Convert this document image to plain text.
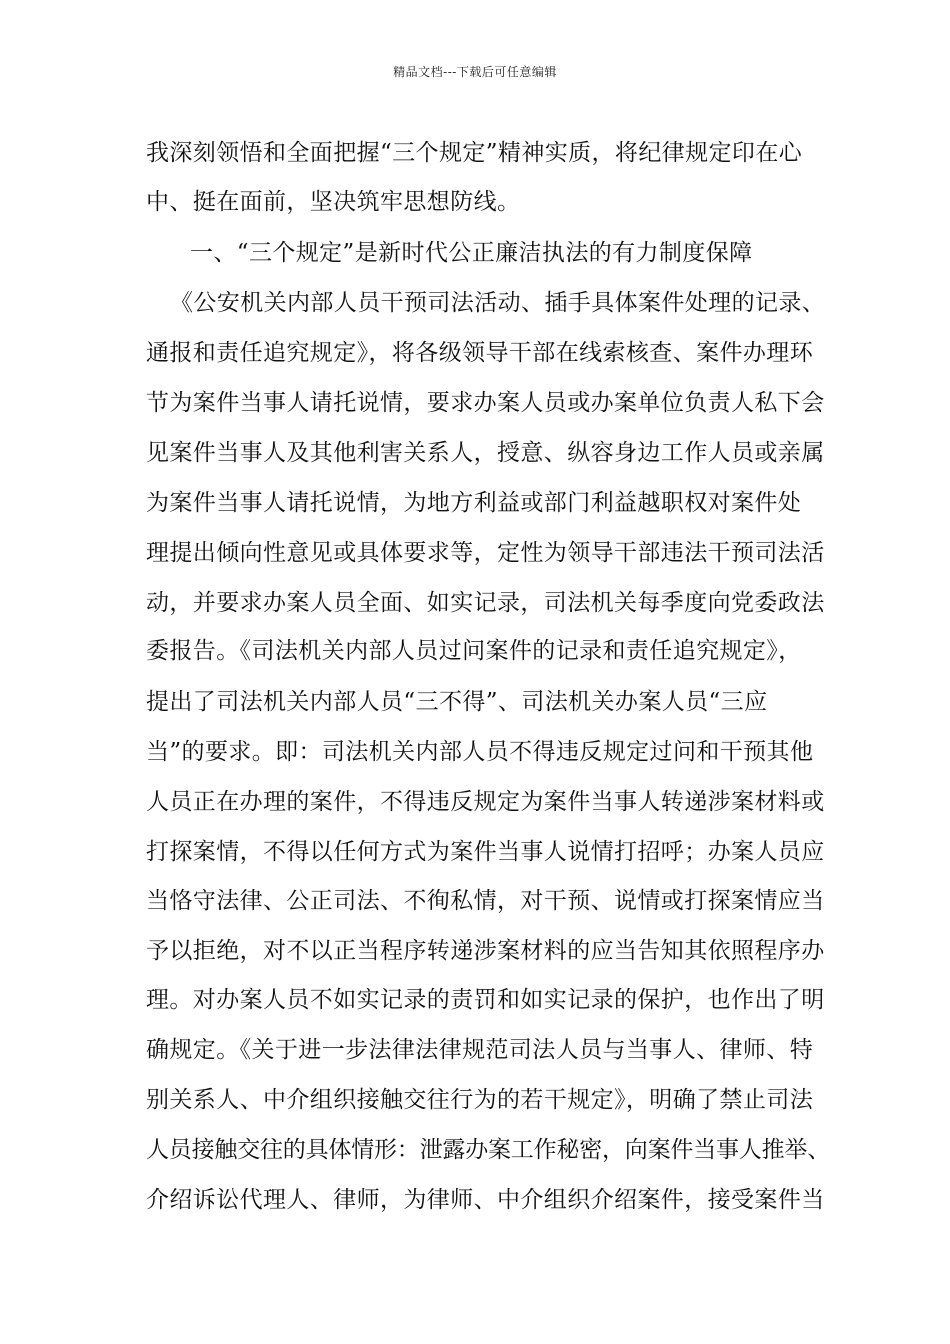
精品文档---下载后可任意编辑
我深刻领悟和全面把握“三个规定”精神实质，将纪律规定印在心
中、挺在面前，坚决筑牢思想防线。
一、“三个规定”是新时代公正廉洁执法的有力制度保障
《公安机关内部人员干预司法活动、插手具体案件处理的记录、
通报和责任追究规定》，将各级领导干部在线索核查、案件办理环
节为案件当事人请托说情，要求办案人员或办案单位负责人私下会
见案件当事人及其他利害关系人，授意、纵容身边工作人员或亲属
为案件当事人请托说情，为地方利益或部门利益越职权对案件处
理提出倾向性意见或具体要求等，定性为领导干部违法干预司法活
动，并要求办案人员全面、如实记录，司法机关每季度向党委政法
委报告。《司法机关内部人员过问案件的记录和责任追究规定》，
提出了司法机关内部人员“三不得”、司法机关办案人员“三应
当”的要求。即：司法机关内部人员不得违反规定过问和干预其他
人员正在办理的案件，不得违反规定为案件当事人转递涉案材料或
打探案情，不得以任何方式为案件当事人说情打招呼；办案人员应
当恪守法律、公正司法、不徇私情，对干预、说情或打探案情应当
予以拒绝，对不以正当程序转递涉案材料的应当告知其依照程序办
理。对办案人员不如实记录的责罚和如实记录的保护，也作出了明
确规定。《关于进一步法律法律规范司法人员与当事人、律师、特
别关系人、中介组织接触交往行为的若干规定》，明确了禁止司法
人员接触交往的具体情形：泄露办案工作秘密，向案件当事人推举、
介绍诉讼代理人、律师，为律师、中介组织介绍案件，接受案件当
